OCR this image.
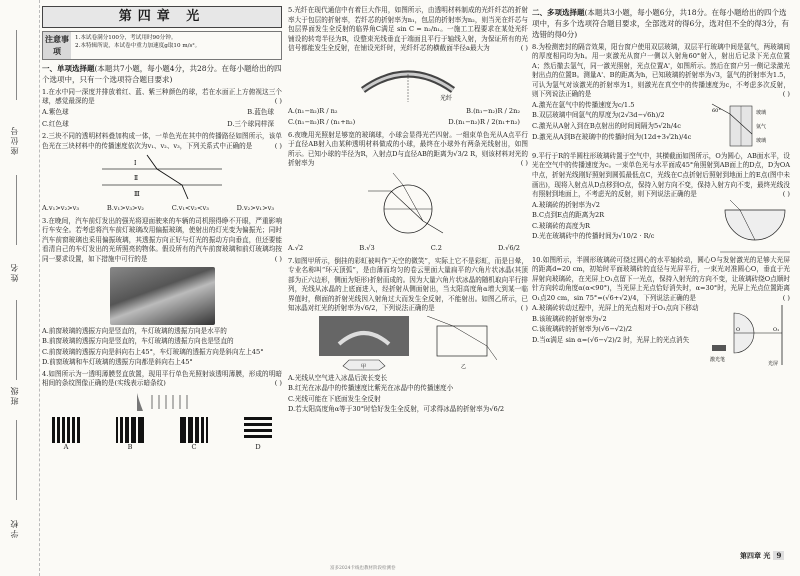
座位号
姓名
班级
学校
第四章 光
注意事项
1.本试卷满分100分，考试用时90分钟。
2.本特辑所说，本试卷中重力加速度g取10 m/s²。
一、单项选择题(本题共7小题，每小题4分，共28分。在每小题给出的四个选项中，只有一个选项符合题目要求)
1.在水中同一深度并排放着红、蓝、紫三种颜色的球，若在水面正上方俯视这三个球，感觉最深的是	( )
A.紫色球	B.蓝色球
C.红色球	D.三个球同样深
2.三块不同的透明材料叠加构成一体，一单色光在其中的传播路径如图所示，该单色光在三块材料中的传播速度依次为v₁、v₂、v₃，下列关系式中正确的是	( )
Ⅰ
Ⅱ
Ⅲ
A.v₁>v₂>v₃	B.v₁>v₃>v₂	C.v₁<v₂<v₃	D.v₂>v₁>v₃
3.在晚间，汽车前灯发出的强光将迎面驶来的车辆的司机照得睁不开眼，严重影响行车安全。若考虑将汽车前灯玻璃改用偏振玻璃，使射出的灯光变为偏振光；同时汽车前窗玻璃也采用偏振玻璃，其透振方向正好与灯光的振动方向垂直，但还要能看清自己的车灯发出的光所照亮的物体。假设所有的汽车前窗玻璃和前灯玻璃均按同一要求设置，如下措施中可行的是	( )
A.前窗玻璃的透振方向是竖直的，车灯玻璃的透振方向是水平的
B.前窗玻璃的透振方向是竖直的，车灯玻璃的透振方向也是竖直的
C.前窗玻璃的透振方向是斜向右上45°，车灯玻璃的透振方向是斜向左上45°
D.前窗玻璃和车灯玻璃的透振方向都是斜向右上45°
4.如图所示为一透明薄膜竖直放置，现用平行单色光照射该透明薄膜，形成的明暗相间的条纹图像正确的是(实线表示暗条纹)	( )
A	B	C	D
5.光纤在现代通信中有着巨大作用，如图所示，由透明材料制成的光纤纤芯的折射率大于包层的折射率，若纤芯的折射率为n₁，包层的折射率为n₂，则当光在纤芯与包层界面发生全反射的临界角C满足 sin C = n₂/n₁。一施工工程要求在某处光纤铺设的转弯半径为R，设整束光线垂直于端面且平行于轴线入射，为保证所有的光信号都能发生全反射，在铺设光纤时，光纤纤芯的横截面半径a最大为	( )
光纤
A.(n₁−n₂)R / n₂	B.(n₁−n₂)R / 2n₂
C.(n₁−n₂)R / (n₁+n₂)	D.(n₁−n₂)R / 2(n₁+n₂)
6.夜晚用光照射足够宽的玻璃球，小球会显得光芒四射。一细束单色光从A点平行于直径AB射入由某种透明材料做成的小球，最终在小球外有两条光线射出，如图所示。已知小球的半径为R，入射点D与直径AB的距离为√3/2 R，则该材料对光的折射率为	( )
A.√2	B.√3	C.2	D.√6/2
7.如图甲所示，倒挂的彩虹被叫作“天空的微笑”，实际上它不是彩虹，而是日晕，专业名称叫“环天顶弧”，是由薄而均匀的卷云里面大量扁平的六角片状冰晶(其顶部为正六边形，侧面为矩形)折射而成的。因为大量六角片状冰晶的随机取向平行排列，光线从冰晶的上底面进入，经折射从侧面射出，当太阳高度角α增大到某一临界值时，侧面的折射光线因入射角过大而发生全反射，不能射出。如图乙所示，已知冰晶对红光的折射率为√6/2，下列说法正确的是	( )
甲	乙
A.光线从空气进入冰晶后波长变长
B.红光在冰晶中的传播速度比紫光在冰晶中的传播速度小
C.光线可能在下底面发生全反射
D.若太阳高度角α等于30°时恰好发生全反射，可求得冰晶的折射率为√6/2
二、多项选择题(本题共3小题，每小题6分，共18分。在每小题给出的四个选项中，有多个选项符合题目要求，全部选对的得6分，选对但不全的得3分，有选错的得0分)
8.为检测密封的隔音效果，阳台窗户使用双层玻璃，双层平行玻璃中间是氩气，两玻璃间的厚度相同均为h。用一束激光从窗户一侧以入射角60°射入，射出后记录下光点位置A；然后撤去氩气，同一激光照射，光点位置A'，如图所示。然后在窗户另一侧记录激光射出点的位置B。测量A'、B的距离为h，已知玻璃的折射率为√3，氩气的折射率为1.5，可认为氩气对该激光的折射率为1，则激光在真空中的传播速度为c，不考虑多次反射，则下列说法正确的是	( )
A.激光在氩气中的传播速度为c/1.5
B.双层玻璃中间氩气的厚度为(2√3d−√6h)/2
C.激光从A射入到在B点射出的时间间隔为5√2h/4c
D.激光从A到B在玻璃中的传播时间为(12d+3√2h)/4c
60°	玻璃
氩气
玻璃
9.平行于R的半圆柱形玻璃砖置于空气中，其横截面如图所示，O为圆心，AB面水平，设光在空气中的传播速度为c。一束单色光与水平面成45°角照射到AB面上的D点，D为OA中点，折射光线刚好照射到圆弧最低点C，光线在C点折射后照射到地面上的E点(图中未画出)，现将入射点从D点移到O点，保持入射方向不变，保持入射方向不变，最终光线没有照射到地面上，不考虑光的反射，则下列说法正确的是	( )
A.玻璃砖的折射率为√2
B.C点到E点的距离为2R
C.玻璃砖的高度为R
D.光在玻璃砖中的传播时间为√10/2 · R/c
10.如图所示，半圆形玻璃砖可绕过圆心的水平轴转动，圆心O与发射激光的足够大光屏的距离d=20 cm，初始时平面玻璃砖的直径与光屏平行，一束光对准圆心O，垂直于光屏射向玻璃砖，在光屏上O₁点留下一光点，保持入射光的方向不变，让玻璃砖绕O点顺时针方向转动角度α(α<90°)，当光屏上光点恰好消失时，α=30°时，光屏上光点位置距离O₁点20 cm，sin 75°=(√6+√2)/4，下列说法正确的是	( )
A.玻璃砖转动过程中，光屏上的光点相对于O₁点向下移动
B.该玻璃砖的折射率为√2
C.该玻璃砖的折射率为(√6−√2)/2
D.当α满足 sin α=(√6−√2)/2 时，光屏上的光点消失
激光笔
O	O₁
光屏
第四章 光 9
富多2024卡线也教材阶段检测卷
